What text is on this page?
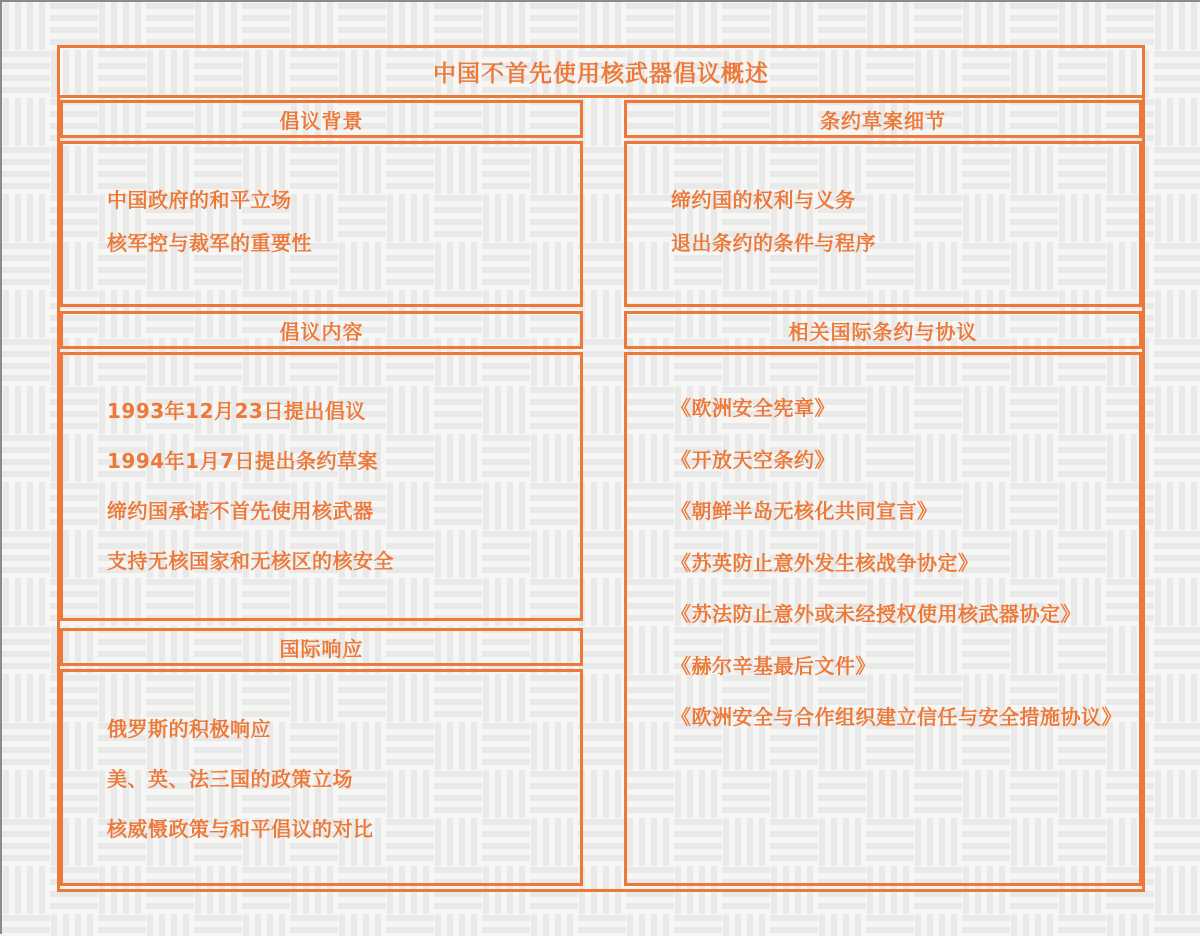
中国不首先使用核武器倡议概述
倡议背景
中国政府的和平立场
核军控与裁军的重要性
倡议内容
1993年12月23日提出倡议
1994年1月7日提出条约草案
缔约国承诺不首先使用核武器
支持无核国家和无核区的核安全
国际响应
俄罗斯的积极响应
美、英、法三国的政策立场
核威慑政策与和平倡议的对比
条约草案细节
缔约国的权利与义务
退出条约的条件与程序
相关国际条约与协议
《欧洲安全宪章》
《开放天空条约》
《朝鲜半岛无核化共同宣言》
《苏英防止意外发生核战争协定》
《苏法防止意外或未经授权使用核武器协定》
《赫尔辛基最后文件》
《欧洲安全与合作组织建立信任与安全措施协议》
